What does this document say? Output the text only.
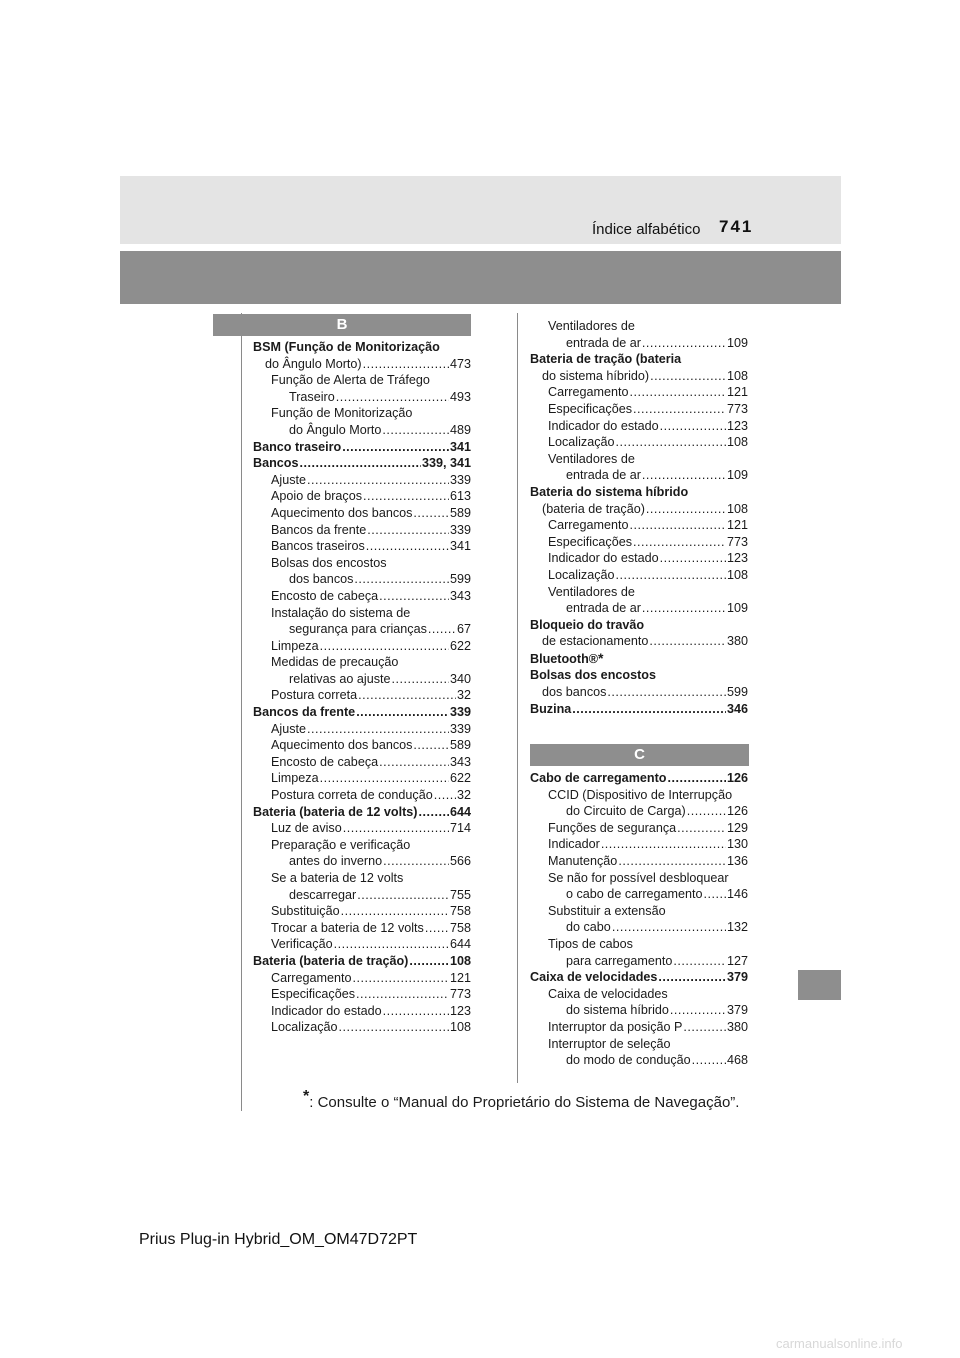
Índice alfabético 741
B
C
BSM (Função de Monitorização
do Ângulo Morto) .....	473
Função de Alerta de Tráfego
Traseiro .....	493
Função de Monitorização
do Ângulo Morto .....	489
Banco traseiro .....	341
Bancos .....	339, 341
Ajuste .....	339
Apoio de braços .....	613
Aquecimento dos bancos .....	589
Bancos da frente .....	339
Bancos traseiros .....	341
Bolsas dos encostos
dos bancos .....	599
Encosto de cabeça .....	343
Instalação do sistema de
segurança para crianças ..... 67
Limpeza .....	622
Medidas de precaução
relativas ao ajuste .....	340
Postura correta .....	32
Bancos da frente .....	339
Ajuste .....	339
Aquecimento dos bancos .....	589
Encosto de cabeça .....	343
Limpeza .....	622
Postura correta de condução ..... 32
Bateria (bateria de 12 volts) .....	644
Luz de aviso .....	714
Preparação e verificação
antes do inverno .....	566
Se a bateria de 12 volts
descarregar .....	755
Substituição .....	758
Trocar a bateria de 12 volts ..... 758
Verificação .....	644
Bateria (bateria de tração) .....	108
Carregamento .....	121
Especificações .....	773
Indicador do estado .....	123
Localização .....	108
Ventiladores de
entrada de ar .....	109
Bateria de tração (bateria
do sistema híbrido) .....	108
Carregamento .....	121
Especificações .....	773
Indicador do estado .....	123
Localização .....	108
Ventiladores de
entrada de ar .....	109
Bateria do sistema híbrido
(bateria de tração) .....	108
Carregamento .....	121
Especificações .....	773
Indicador do estado .....	123
Localização .....	108
Ventiladores de
entrada de ar .....	109
Bloqueio do travão
de estacionamento .....	380
Bluetooth® *
Bolsas dos encostos
dos bancos .....	599
Buzina .....	346
Cabo de carregamento .....	126
CCID (Dispositivo de Interrupção
do Circuito de Carga) .....	126
Funções de segurança .....	129
Indicador .....	130
Manutenção .....	136
Se não for possível desbloquear
o cabo de carregamento ..... 146
Substituir a extensão
do cabo .....	132
Tipos de cabos
para carregamento .....	127
Caixa de velocidades .....	379
Caixa de velocidades
do sistema híbrido .....	379
Interruptor da posição P .....	380
Interruptor de seleção
do modo de condução .....	468
*: Consulte o “Manual do Proprietário do Sistema de Navegação”.
Prius Plug-in Hybrid_OM_OM47D72PT
carmanualsonline.info
